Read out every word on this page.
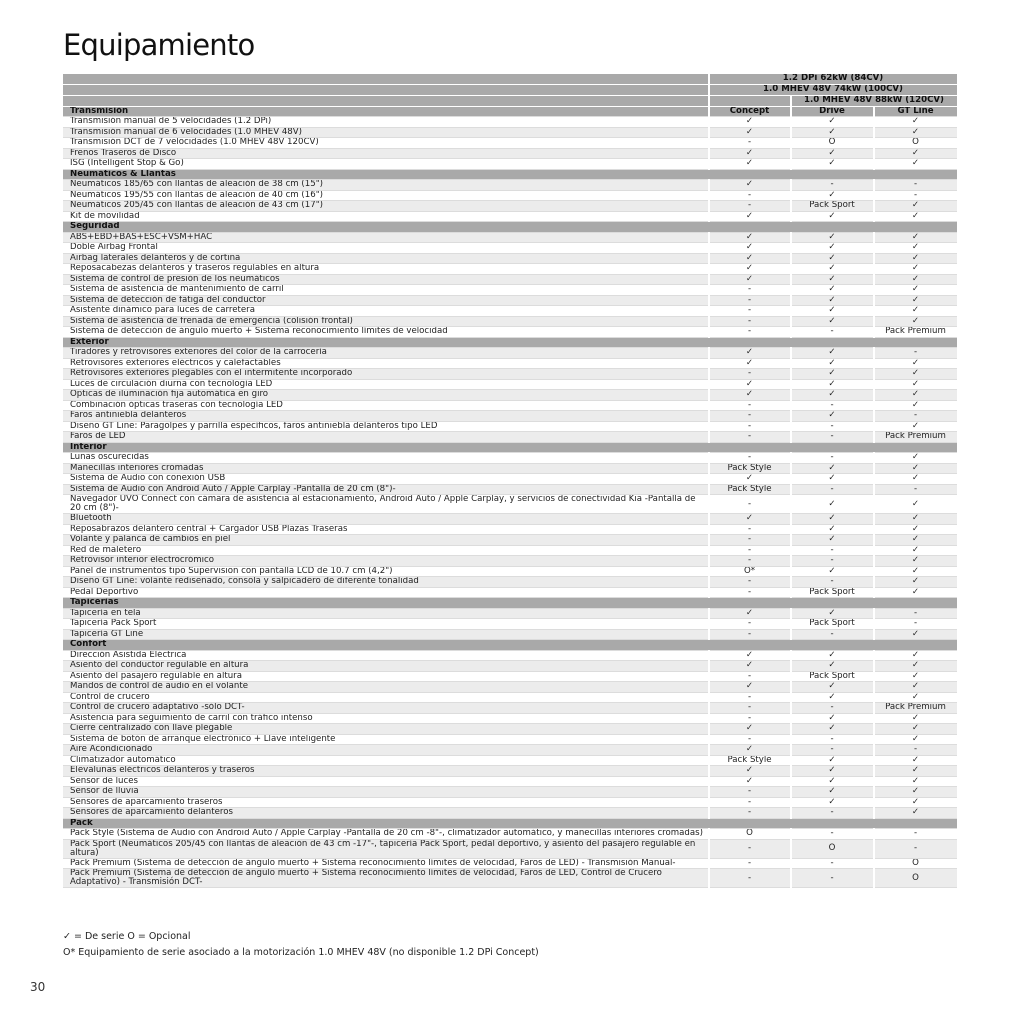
Equipamiento
	1.2 DPi 62kW (84CV)		
	1.0 MHEV 48V 74kW (100CV)		
		1.0 MHEV 48V 88kW (120CV)	
Transmisión	Concept	Drive	GT Line
Transmisión manual de 5 velocidades (1.2 DPi)	✓	✓	✓
Transmisión manual de 6 velocidades (1.0 MHEV 48V)	✓	✓	✓
Transmisión DCT de 7 velocidades (1.0 MHEV 48V 120CV)	-	O	O
Frenos Traseros de Disco	✓	✓	✓
ISG (Intelligent Stop & Go)	✓	✓	✓
Neumáticos & Llantas			
Neumáticos 185/65 con llantas de aleación de 38 cm (15")	✓	-	-
Neumáticos 195/55 con llantas de aleación de 40 cm (16")	-	✓	-
Neumáticos 205/45 con llantas de aleación de 43 cm (17")	-	Pack Sport	✓
Kit de movilidad	✓	✓	✓
Seguridad			
ABS+EBD+BAS+ESC+VSM+HAC	✓	✓	✓
Doble Airbag Frontal	✓	✓	✓
Airbag laterales delanteros y de cortina	✓	✓	✓
Reposacabezas delanteros y traseros regulables en altura	✓	✓	✓
Sistema de control de presión de los neumáticos	✓	✓	✓
Sistema de asistencia de mantenimiento de carril	-	✓	✓
Sistema de detección de fatiga del conductor	-	✓	✓
Asistente dinámico para luces de carretera	-	✓	✓
Sistema de asistencia de frenada de emergencia (colisión frontal)	-	✓	✓
Sistema de detección de ángulo muerto + Sistema reconocimiento límites de velocidad	-	-	Pack Premium
Exterior			
Tiradores y retrovisores exteriores del color de la carrocería	✓	✓	-
Retrovisores exteriores eléctricos y calefactables	✓	✓	✓
Retrovisores exteriores plegables con el intermitente incorporado	-	✓	✓
Luces de circulación diurna con tecnología LED	✓	✓	✓
Ópticas de iluminación fija automática en giro	✓	✓	✓
Combinación ópticas traseras con tecnología LED	-	-	✓
Faros antiniebla delanteros	-	✓	-
Diseño GT Line: Paragolpes y parrilla específicos, faros antiniebla delanteros tipo LED	-	-	✓
Faros de LED	-	-	Pack Premium
Interior			
Lunas oscurecidas	-	-	✓
Manecillas interiores cromadas	Pack Style	✓	✓
Sistema de Audio con conexión USB	✓	✓	✓
Sistema de Audio con Android Auto / Apple Carplay -Pantalla de 20 cm (8")-	Pack Style	-	-
Navegador UVO Connect con cámara de asistencia al estacionamiento, Android Auto / Apple Carplay, y servicios de conectividad Kia -Pantalla de 20 cm (8")-	-	✓	✓
Bluetooth	✓	✓	✓
Reposabrazos delantero central + Cargador USB Plazas Traseras	-	✓	✓
Volante y palanca de cambios en piel	-	✓	✓
Red de maletero	-	-	✓
Retrovisor interior electrocrómico	-	-	✓
Panel de instrumentos tipo Supervision con pantalla LCD de 10.7 cm (4,2")	O*	✓	✓
Diseño GT Line: volante rediseñado, consola y salpicadero de diferente tonalidad	-	-	✓
Pedal Deportivo	-	Pack Sport	✓
Tapicerías			
Tapicería en tela	✓	✓	-
Tapicería Pack Sport	-	Pack Sport	-
Tapicería GT Line	-	-	✓
Confort			
Dirección Asistida Eléctrica	✓	✓	✓
Asiento del conductor regulable en altura	✓	✓	✓
Asiento del pasajero regulable en altura	-	Pack Sport	✓
Mandos de control de audio en el volante	✓	✓	✓
Control de crucero	-	✓	✓
Control de crucero adaptativo -sólo DCT-	-	-	Pack Premium
Asistencia para seguimiento de carril con tráfico intenso	-	✓	✓
Cierre centralizado con llave plegable	✓	✓	✓
Sistema de botón de arranque electrónico + Llave inteligente	-	-	✓
Aire Acondicionado	✓	-	-
Climatizador automático	Pack Style	✓	✓
Elevalunas eléctricos delanteros y traseros	✓	✓	✓
Sensor de luces	✓	✓	✓
Sensor de lluvia	-	✓	✓
Sensores de aparcamiento traseros	-	✓	✓
Sensores de aparcamiento delanteros	-	-	✓
Pack			
Pack Style (Sistema de Audio con Android Auto / Apple Carplay -Pantalla de 20 cm -8"-, climatizador automático, y manecillas interiores cromadas)	O	-	-
Pack Sport (Neumáticos 205/45 con llantas de aleación de 43 cm -17"-, tapicería Pack Sport, pedal deportivo, y asiento del pasajero regulable en altura)	-	O	-
Pack Premium (Sistema de detección de ángulo muerto + Sistema reconocimiento límites de velocidad, Faros de LED) - Transmisión Manual-	-	-	O
Pack Premium (Sistema de detección de ángulo muerto + Sistema reconocimiento límites de velocidad, Faros de LED, Control de Crucero Adaptativo) - Transmisión DCT-	-	-	O
✓ = De serie O = Opcional
O* Equipamiento de serie asociado a la motorización 1.0 MHEV 48V (no disponible 1.2 DPi Concept)
30
